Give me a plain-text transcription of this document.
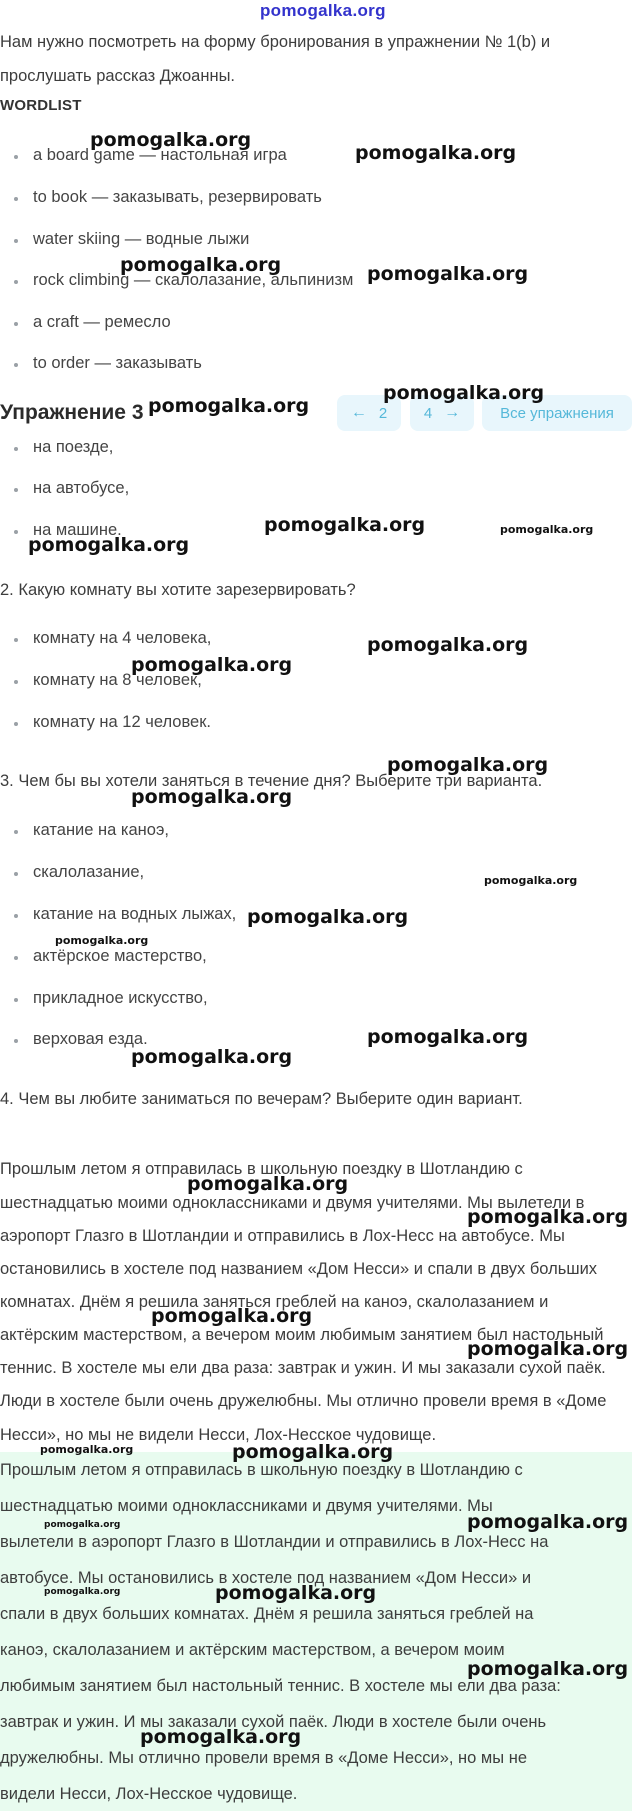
pomogalka.org
Нам нужно посмотреть на форму бронирования в упражнении № 1(b) и
прослушать рассказ Джоанны.
WORDLIST
a board game — настольная игра
to book — заказывать, резервировать
water skiing — водные лыжи
rock climbing — скалолазание, альпинизм
a craft — ремесло
to order — заказывать
Упражнение 3	← 2 4 →	Все упражнения
на поезде,
на автобусе,
на машине.
2. Какую комнату вы хотите зарезервировать?
комнату на 4 человека,
комнату на 8 человек,
комнату на 12 человек.
3. Чем бы вы хотели заняться в течение дня? Выберите три варианта.
катание на каноэ,
скалолазание,
катание на водных лыжах,
актёрское мастерство,
прикладное искусство,
верховая езда.
4. Чем вы любите заниматься по вечерам? Выберите один вариант.
Прошлым летом я отправилась в школьную поездку в Шотландию с
шестнадцатью моими одноклассниками и двумя учителями. Мы вылетели в
аэропорт Глазго в Шотландии и отправились в Лох-Несс на автобусе. Мы
остановились в хостеле под названием «Дом Несси» и спали в двух больших
комнатах. Днём я решила заняться греблей на каноэ, скалолазанием и
актёрским мастерством, а вечером моим любимым занятием был настольный
теннис. В хостеле мы ели два раза: завтрак и ужин. И мы заказали сухой паёк.
Люди в хостеле были очень дружелюбны. Мы отлично провели время в «Доме
Несси», но мы не видели Несси, Лох-Несское чудовище.
Прошлым летом я отправилась в школьную поездку в Шотландию с
шестнадцатью моими одноклассниками и двумя учителями. Мы
вылетели в аэропорт Глазго в Шотландии и отправились в Лох-Несс на
автобусе. Мы остановились в хостеле под названием «Дом Несси» и
спали в двух больших комнатах. Днём я решила заняться греблей на
каноэ, скалолазанием и актёрским мастерством, а вечером моим
любимым занятием был настольный теннис. В хостеле мы ели два раза:
завтрак и ужин. И мы заказали сухой паёк. Люди в хостеле были очень
дружелюбны. Мы отлично провели время в «Доме Несси», но мы не
видели Несси, Лох-Несское чудовище.
pomogalka.org
pomogalka.org
pomogalka.org	pomogalka.org
pomogalka.org
pomogalka.org
pomogalka.org	pomogalka.org
pomogalka.org
pomogalka.org
pomogalka.org
pomogalka.org
pomogalka.org
pomogalka.org
pomogalka.org
pomogalka.org
pomogalka.org
pomogalka.org
pomogalka.org
pomogalka.org
pomogalka.org
pomogalka.org
pomogalka.org	pomogalka.org
pomogalka.org	pomogalka.org
pomogalka.org	pomogalka.org
pomogalka.org
pomogalka.org
